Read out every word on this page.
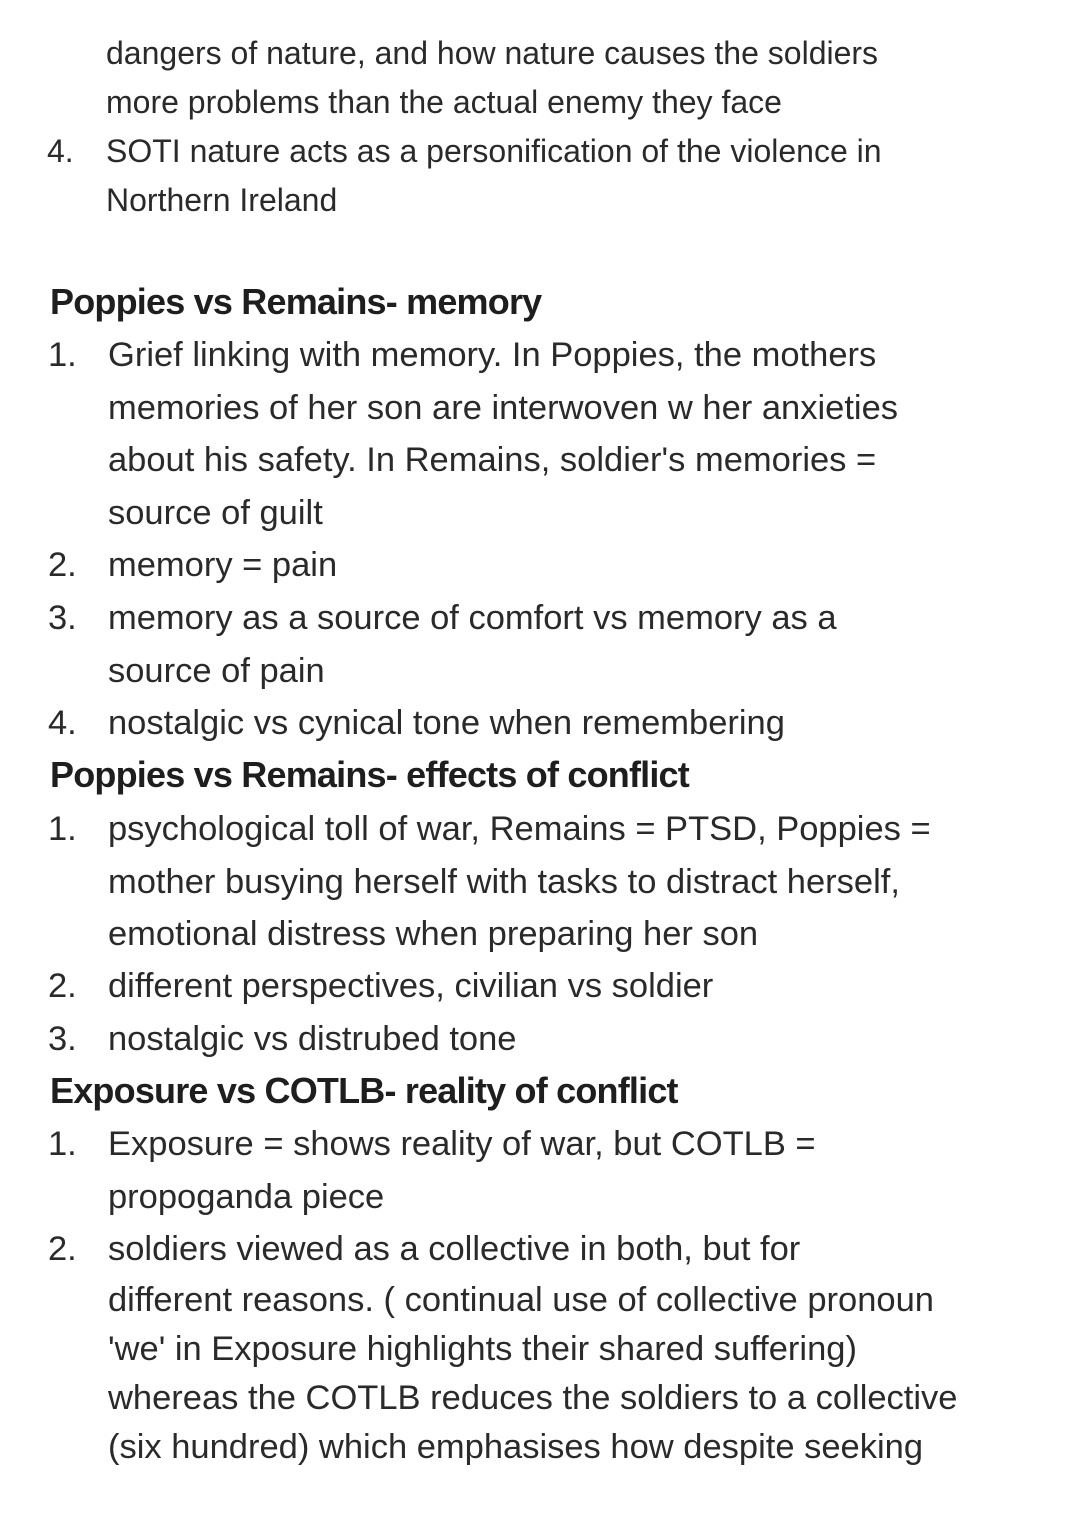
dangers of nature, and how nature causes the soldiers
more problems than the actual enemy they face
4. SOTI nature acts as a personification of the violence in
Northern Ireland
Poppies vs Remains- memory
1. Grief linking with memory. In Poppies, the mothers
memories of her son are interwoven w her anxieties
about his safety. In Remains, soldier's memories =
source of guilt
2. memory = pain
3. memory as a source of comfort vs memory as a
source of pain
4. nostalgic vs cynical tone when remembering
Poppies vs Remains- effects of conflict
1. psychological toll of war, Remains = PTSD, Poppies =
mother busying herself with tasks to distract herself,
emotional distress when preparing her son
2. different perspectives, civilian vs soldier
3. nostalgic vs distrubed tone
Exposure vs COTLB- reality of conflict
1. Exposure = shows reality of war, but COTLB =
propoganda piece
2. soldiers viewed as a collective in both, but for
different reasons. ( continual use of collective pronoun
'we' in Exposure highlights their shared suffering)
whereas the COTLB reduces the soldiers to a collective
(six hundred) which emphasises how despite seeking
